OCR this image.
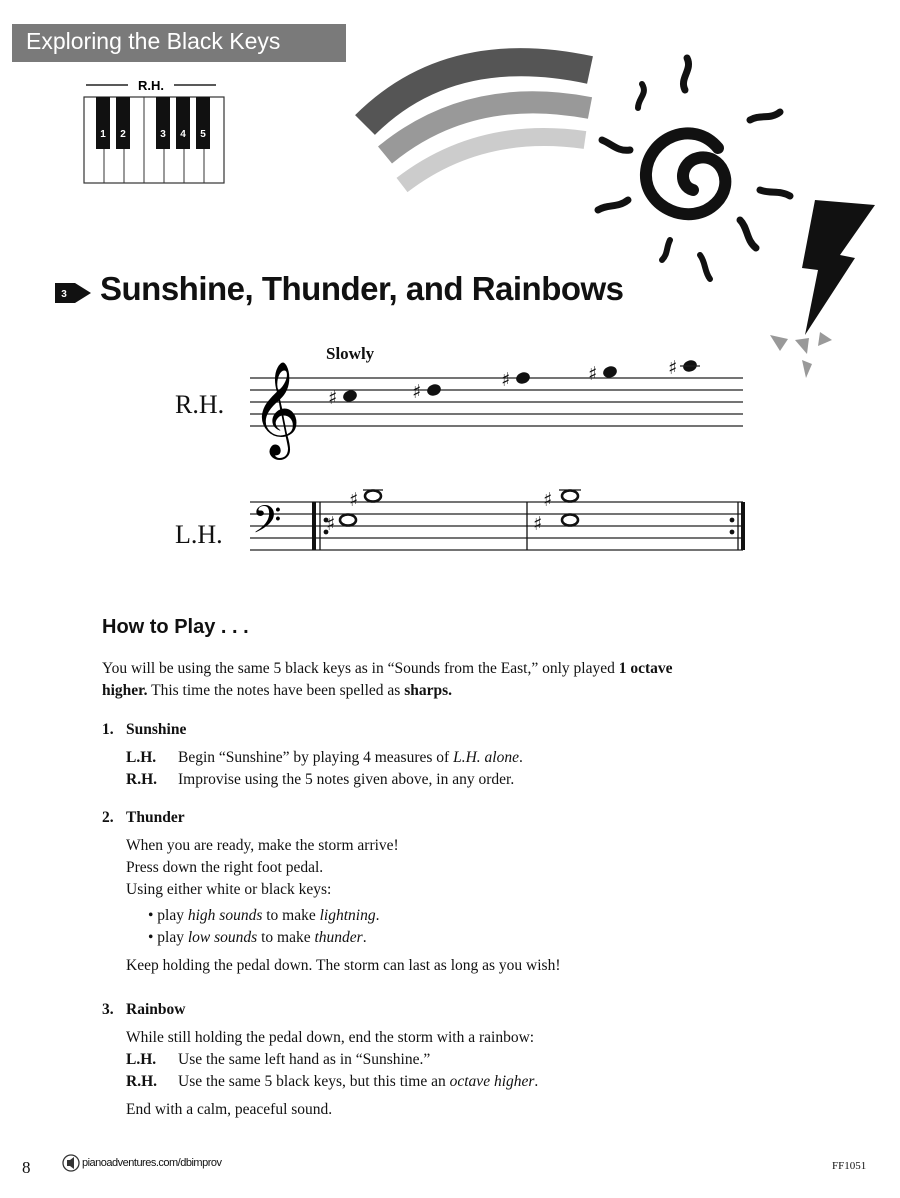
Exploring the Black Keys
R.H.
1 2	3 4 5
3 Sunshine, Thunder, and Rainbows
R.H.
L.H.
Slowly
𝄞 ♯	♯
♯	♯	♯
𝄢 ♯
♯
♯
♯
How to Play . . .
You will be using the same 5 black keys as in “Sounds from the East,” only played 1 octave
higher. This time the notes have been spelled as sharps.
1. Sunshine
L.H. Begin “Sunshine” by playing 4 measures of L.H. alone.
R.H. Improvise using the 5 notes given above, in any order.
2. Thunder
When you are ready, make the storm arrive!
Press down the right foot pedal.
Using either white or black keys:
• play high sounds to make lightning.
• play low sounds to make thunder.
Keep holding the pedal down. The storm can last as long as you wish!
3. Rainbow
While still holding the pedal down, end the storm with a rainbow:
L.H. Use the same left hand as in “Sunshine.”
R.H. Use the same 5 black keys, but this time an octave higher.
End with a calm, peaceful sound.
8	pianoadventures.com/dbimprov	FF1051
